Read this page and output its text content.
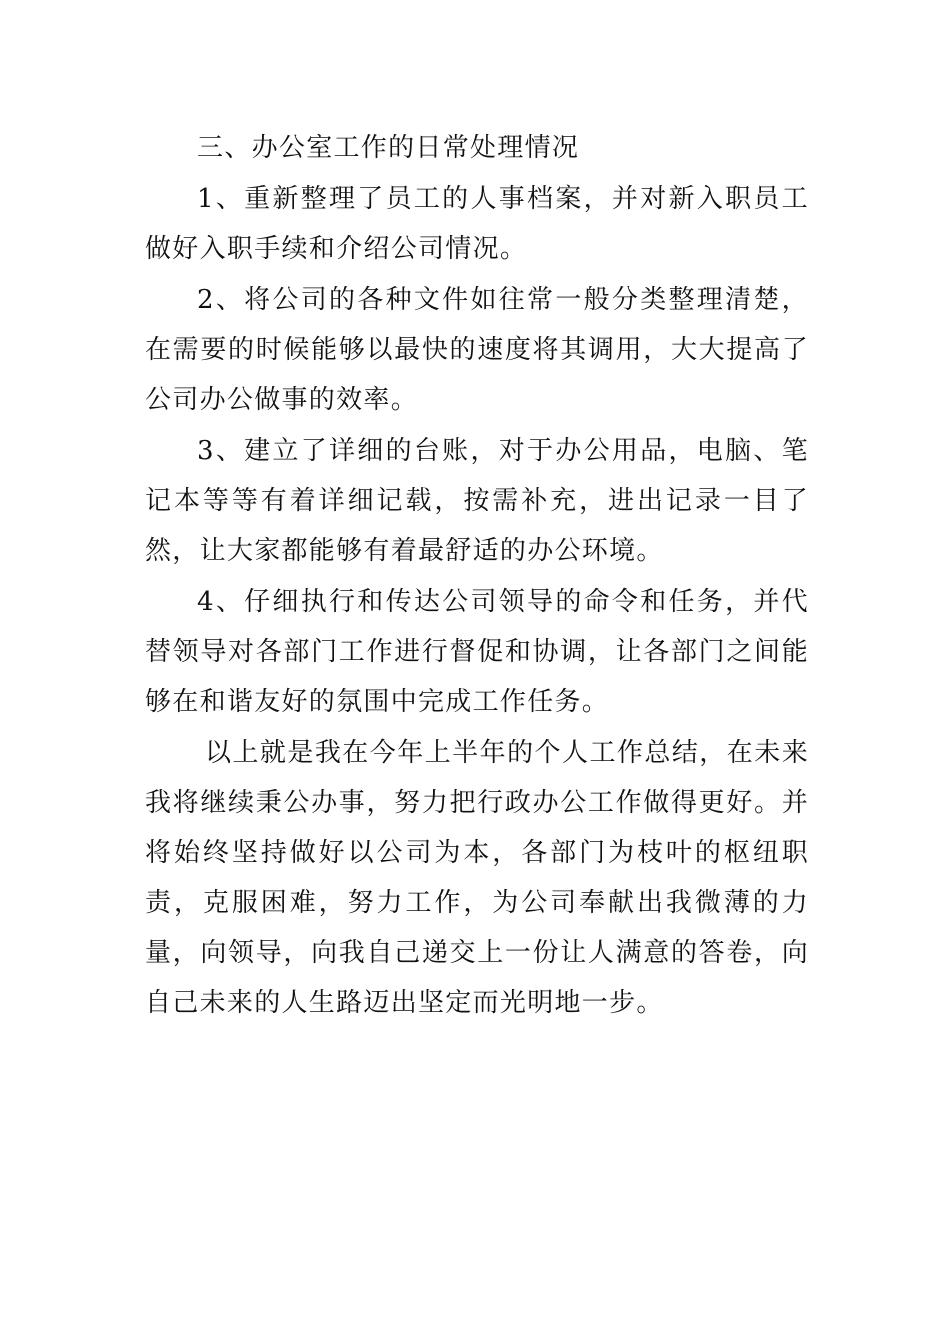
三、办公室工作的日常处理情况

1、重新整理了员工的人事档案，并对新入职员工做好入职手续和介绍公司情况。

2、将公司的各种文件如往常一般分类整理清楚，在需要的时候能够以最快的速度将其调用，大大提高了公司办公做事的效率。

3、建立了详细的台账，对于办公用品，电脑、笔记本等等有着详细记载，按需补充，进出记录一目了然，让大家都能够有着最舒适的办公环境。

4、仔细执行和传达公司领导的命令和任务，并代替领导对各部门工作进行督促和协调，让各部门之间能够在和谐友好的氛围中完成工作任务。

以上就是我在今年上半年的个人工作总结，在未来我将继续秉公办事，努力把行政办公工作做得更好。并将始终坚持做好以公司为本，各部门为枝叶的枢纽职责，克服困难，努力工作，为公司奉献出我微薄的力量，向领导，向我自己递交上一份让人满意的答卷，向自己未来的人生路迈出坚定而光明地一步。
